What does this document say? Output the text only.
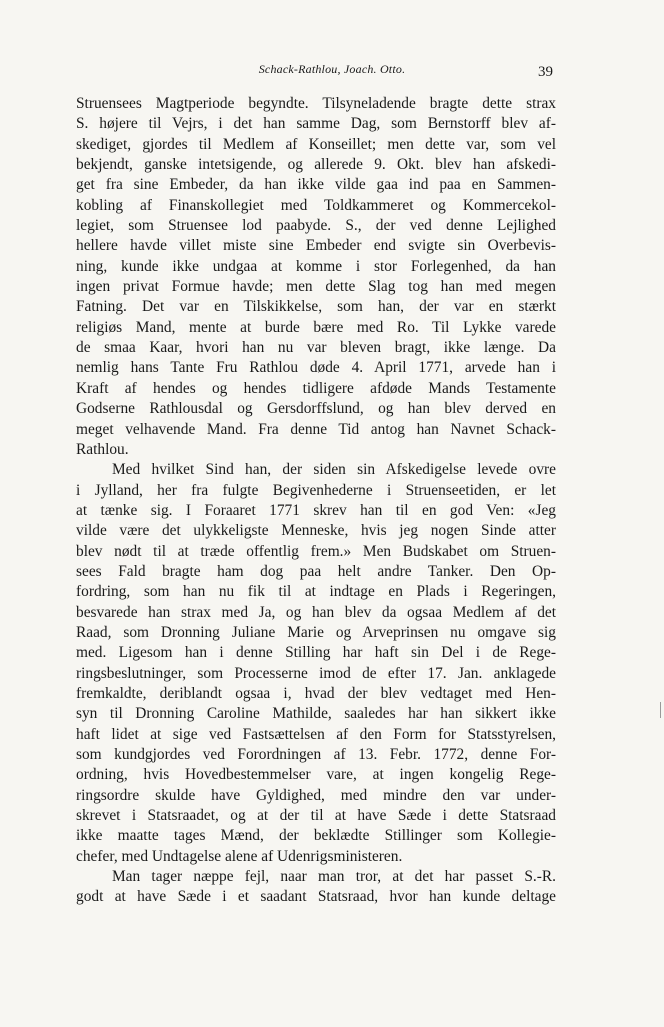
Schack-Rathlou, Joach. Otto.	39
Struensees Magtperiode begyndte. Tilsyneladende bragte dette strax
S. højere til Vejrs, i det han samme Dag, som Bernstorff blev af-
skediget, gjordes til Medlem af Konseillet; men dette var, som vel
bekjendt, ganske intetsigende, og allerede 9. Okt. blev han afskedi-
get fra sine Embeder, da han ikke vilde gaa ind paa en Sammen-
kobling af Finanskollegiet med Toldkammeret og Kommercekol-
legiet, som Struensee lod paabyde. S., der ved denne Lejlighed
hellere havde villet miste sine Embeder end svigte sin Overbevis-
ning, kunde ikke undgaa at komme i stor Forlegenhed, da han
ingen privat Formue havde; men dette Slag tog han med megen
Fatning. Det var en Tilskikkelse, som han, der var en stærkt
religiøs Mand, mente at burde bære med Ro. Til Lykke varede
de smaa Kaar, hvori han nu var bleven bragt, ikke længe. Da
nemlig hans Tante Fru Rathlou døde 4. April 1771, arvede han i
Kraft af hendes og hendes tidligere afdøde Mands Testamente
Godserne Rathlousdal og Gersdorffslund, og han blev derved en
meget velhavende Mand. Fra denne Tid antog han Navnet Schack-
Rathlou.
Med hvilket Sind han, der siden sin Afskedigelse levede ovre
i Jylland, her fra fulgte Begivenhederne i Struenseetiden, er let
at tænke sig. I Foraaret 1771 skrev han til en god Ven: «Jeg
vilde være det ulykkeligste Menneske, hvis jeg nogen Sinde atter
blev nødt til at træde offentlig frem.» Men Budskabet om Struen-
sees Fald bragte ham dog paa helt andre Tanker. Den Op-
fordring, som han nu fik til at indtage en Plads i Regeringen,
besvarede han strax med Ja, og han blev da ogsaa Medlem af det
Raad, som Dronning Juliane Marie og Arveprinsen nu omgave sig
med. Ligesom han i denne Stilling har haft sin Del i de Rege-
ringsbeslutninger, som Processerne imod de efter 17. Jan. anklagede
fremkaldte, deriblandt ogsaa i, hvad der blev vedtaget med Hen-
syn til Dronning Caroline Mathilde, saaledes har han sikkert ikke
haft lidet at sige ved Fastsættelsen af den Form for Statsstyrelsen,
som kundgjordes ved Forordningen af 13. Febr. 1772, denne For-
ordning, hvis Hovedbestemmelser vare, at ingen kongelig Rege-
ringsordre skulde have Gyldighed, med mindre den var under-
skrevet i Statsraadet, og at der til at have Sæde i dette Statsraad
ikke maatte tages Mænd, der beklædte Stillinger som Kollegie-
chefer, med Undtagelse alene af Udenrigsministeren.
Man tager næppe fejl, naar man tror, at det har passet S.-R.
godt at have Sæde i et saadant Statsraad, hvor han kunde deltage
